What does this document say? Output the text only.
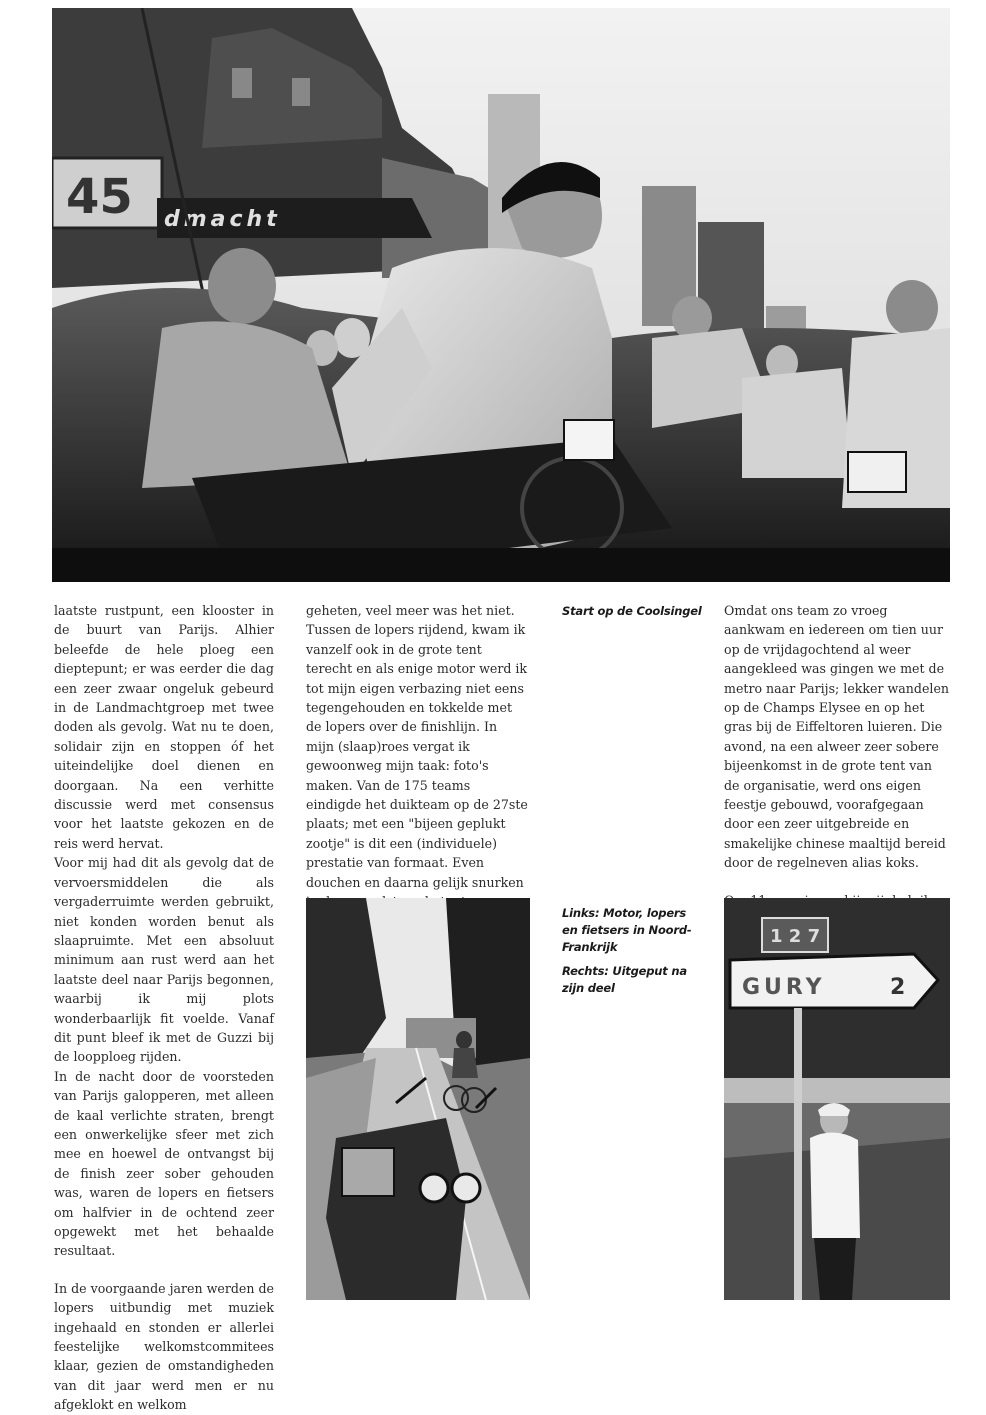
45 dmacht

laatste rustpunt, een klooster in de buurt van Parijs. Alhier beleefde de hele ploeg een dieptepunt; er was eerder die dag een zeer zwaar ongeluk gebeurd in de Landmachtgroep met twee doden als gevolg. Wat nu te doen, solidair zijn en stoppen óf het uiteindelijke doel dienen en doorgaan. Na een verhitte discussie werd met consensus voor het laatste gekozen en de reis werd hervat.

Voor mij had dit als gevolg dat de vervoersmiddelen die als vergaderruimte werden gebruikt, niet konden worden benut als slaapruimte. Met een absoluut minimum aan rust werd aan het laatste deel naar Parijs begonnen, waarbij ik mij plots wonderbaarlijk fit voelde. Vanaf dit punt bleef ik met de Guzzi bij de loopploeg rijden.

In de nacht door de voorsteden van Parijs galopperen, met alleen de kaal verlichte straten, brengt een onwerkelijke sfeer met zich mee en hoewel de ontvangst bij de finish zeer sober gehouden was, waren de lopers en fietsers om halfvier in de ochtend zeer opgewekt met het behaalde resultaat.

In de voorgaande jaren werden de lopers uitbundig met muziek ingehaald en stonden er allerlei feestelijke welkomstcommitees klaar, gezien de omstandigheden van dit jaar werd men er nu afgeklokt en welkom

geheten, veel meer was het niet. Tussen de lopers rijdend, kwam ik vanzelf ook in de grote tent terecht en als enige motor werd ik tot mijn eigen verbazing niet eens tegengehouden en tokkelde met de lopers over de finishlijn. In mijn (slaap)roes vergat ik gewoonweg mijn taak: foto's maken. Van de 175 teams eindigde het duikteam op de 27ste plaats; met een "bijeen geplukt zootje" is dit een (individuele) prestatie van formaat. Even douchen en daarna gelijk snurken

Start op de Coolsingel
Links: Motor, lopers en fietsers in Noord-Frankrijk
Rechts: Uitgeput na zijn deel

Omdat ons team zo vroeg aankwam en iedereen om tien uur op de vrijdagochtend al weer aangekleed was gingen we met de metro naar Parijs; lekker wandelen op de Champs Elysee en op het gras bij de Eiffeltoren luieren. Die avond, na een alweer zeer sobere bijeenkomst in de grote tent van de organisatie, werd ons eigen feestje gebouwd, voorafgegaan door een zeer uitgebreide en smakelijke chinese maaltijd bereid door de regelneven alias koks.

1 2 7
GURY	2
